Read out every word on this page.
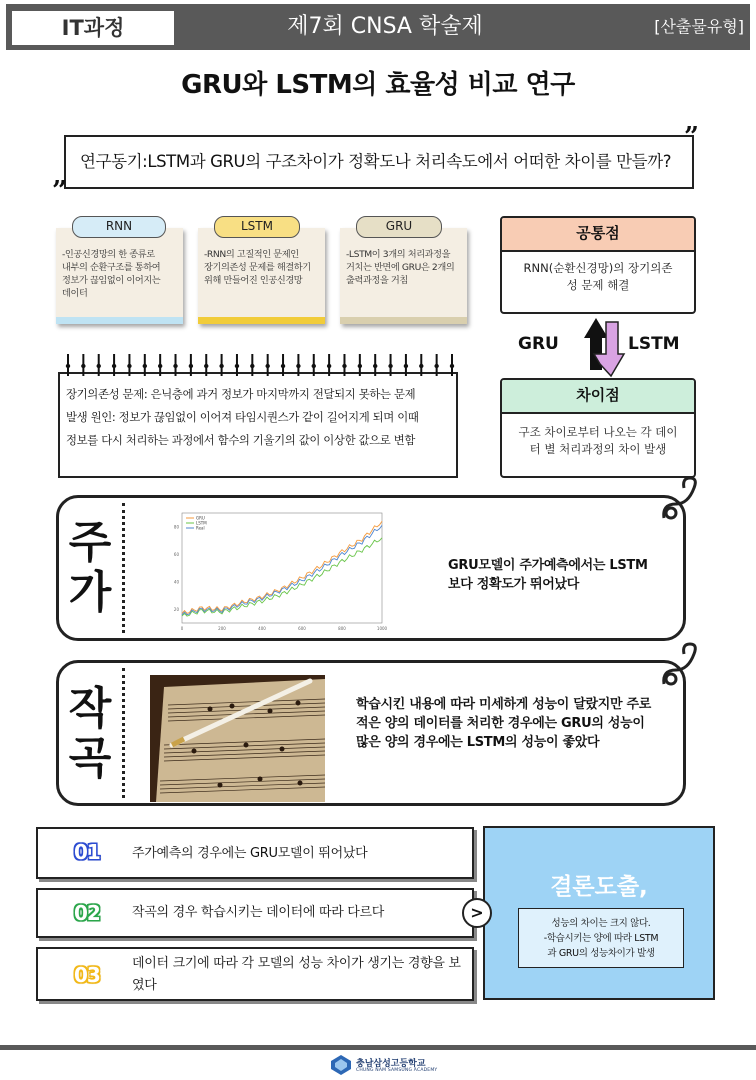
IT과정	제7회 CNSA 학술제	[산출물유형]
GRU와 LSTM의 효율성 비교 연구
연구동기:LSTM과 GRU의 구조차이가 정확도나 처리속도에서 어떠한 차이를 만들까?
”
”
-인공신경망의 한 종류로 내부의 순환구조를 통하여 정보가 끊임없이 이어지는 데이터
RNN
-RNN의 고질적인 문제인 장기의존성 문제를 해결하기 위해 만들어진 인공신경망
LSTM
-LSTM이 3개의 처리과정을 거치는 반면에 GRU은 2개의 출력과정을 거침
GRU	공통점
RNN(순환신경망)의 장기의존성 문제 해결
GRU	LSTM
차이점
구조 차이로부터 나오는 각 데이터 별 처리과정의 차이 발생
장기의존성 문제: 은닉층에 과거 정보가 마지막까지 전달되지 못하는 문제
발생 원인: 정보가 끊임없이 이어져 타임시퀀스가 같이 길어지게 되며 이때
정보를 다시 처리하는 과정에서 함수의 기울기의 값이 이상한 값으로 변함
주
가
0	200	400	600	800	1000
20
40
60
80
GRU
LSTM
Real
GRU모델이 주가예측에서는 LSTM보다 정확도가 뛰어났다
작
곡
학습시킨 내용에 따라 미세하게 성능이 달랐지만 주로 적은 양의 데이터를 처리한 경우에는 GRU의 성능이 많은 양의 경우에는 LSTM의 성능이 좋았다
01 주가예측의 경우에는 GRU모델이 뛰어났다
02 작곡의 경우 학습시키는 데이터에 따라 다르다
03 데이터 크기에 따라 각 모델의 성능 차이가 생기는 경향을 보였다
결론도출,
성능의 차이는 크지 않다.
-학습시키는 양에 따라 LSTM
과 GRU의 성능차이가 발생
>
충남삼성고등학교
CHUNG NAM SAMSUNG ACADEMY
